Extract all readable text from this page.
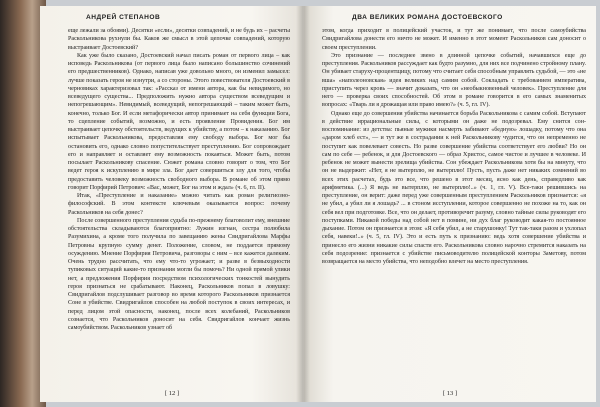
АНДРЕЙ СТЕПАНОВ

еще лежали за обоями). Десятки «если», десятки совпадений, и не будь их – расчеты Раскольникова рухнули бы. Каков же смысл в этой цепочке совпадений, которую выстраивает Достоевский?

Как уже было сказано, Достоевский начал писать роман от первого лица – как исповедь Раскольникова (от первого лица было написано большинство сочинений его предшественников). Однако, написав уже довольно много, он изменил замысел: лучше показать героя не изнутри, а со стороны. Этого повествователя Достоевский в черновиках характеризовал так: «Рассказ от имени автора, как бы невидимого, но всеведущего существа... Предположить нужно автора существом всеведущим и непогрешающим». Невидимый, всеведущий, непогрешающий – таким может быть, конечно, только Бог. И если метафорически автор принимает на себя функции Бога, то сцепление событий, возможно, и есть проявление Провидения. Бог им выстраивает цепочку обстоятельств, ведущих к убийству, а потом – к наказанию. Бог испытывает Раскольникова, предоставляя ему свободу выбора. Бог мог бы остановить его, однако словно попустительствует преступлению. Бог сопровождает его и направляет и оставляет ему возможность покаяться. Может быть, потом посылает Раскольникову спасение. Сюжет романа словно говорит о том, что Бог ведет героя к искуплению в мире зла. Бог дает совершиться злу для того, чтобы предоставить человеку возможность свободного выбора. В романе об этом прямо говорит Порфирий Петрович: «Вас, может, Бог на этом и ждал» (ч. 6, гл. II).

Итак, «Преступление и наказание» можно читать как роман религиозно-философский. В этом контексте ключевым оказывается вопрос: почему Раскольников на себя донес?

После совершенного преступления судьба по-прежнему благоволит ему, внешние обстоятельства складываются благоприятно: Лужин изгнан, сестра полюбила Разумихина, а кроме того получила по завещанию жены Свидригайлова Марфы Петровны крупную сумму денег. Положение, словом, не поддается прямому осуждению. Мнение Порфирия Петровича, разговоры с ним – все кажется далеким. Очень трудно рассчитать, что ему что-то угрожает; и разве в безвыходности тупиковых ситуаций какие-то признания могли бы помочь? Ни одной прямой улики нет, а предложения Порфирия посредством психологических тонкостей вынудить героя признаться не срабатывают. Наконец, Раскольников попал в ловушку: Свидригайлов подслушивает разговор во время которого Раскольников признается Соне в убийстве. Свидригайлов способен на любой поступок в своих интересах, и перед лицом этой опасности, наконец, после всех колебаний, Раскольников сознается, что Раскольников доносит на себя. Свидригайлов кончает жизнь самоубийством. Раскольников узнает об

[ 12 ]
ДВА ВЕЛИКИХ РОМАНА ДОСТОЕВСКОГО

этом, когда приходит в полицейский участок, и тут же понимает, что после самоубийства Свидригайлова донести его ничто не может. И именно в этот момент Раскольников сам доносит о своем преступлении.

Это признание — последнее звено в длинной цепочке событий, начавшихся еще до преступления. Раскольников рассуждает как будто разумно, для них все подчинено стройному плану. Он убивает старуху-процентщицу, потому что считает себя способным управлять судьбой, — это «не вша» «наполеоновская» идея великих над самим собой. Сокладать с требованием императива, приступить через кровь — значит доказать, что он «необыкновенный человек». Преступление для него — проверка своих способностей. Об этом в романе говорится в его самых знаменитых вопросах: «Тварь ли я дрожащая или право имею?» (ч. 5, гл. IV).

Однако еще до совершения убийства начинается борьба Раскольникова с самим собой. Вступают в действие иррациональные силы, с которыми он даже не подозревал. Ему снится сон-воспоминание: из детства: пьяные мужики насмерть забивают «бедную» лошадку, потому что она «даром хлеб ест», — и тут же в сострадании к ней Раскольникову чудится, что он непременно не поступит как повелевает совесть. Но разве совершение убийства соответствует его любви? Но он сам по себе — ребенок, и для Достоевского — образ Христос, самое чистое и лучшее в человеке. И ребенок не может вынести зрелища убийства. Сон убеждает Раскольникова хотя бы на минуту, что он не выдержит: «Нет, я не вытерплю, не вытерплю! Пусть, пусть даже нет никаких сомнений во всех этих расчетах, будь это все, что решено в этот месяц, ясно как день, справедливо как арифметика. (...) Я ведь не вытерплю, не вытерплю!..» (ч. 1, гл. V). Все-таки решившись на преступление, он верит: даже перед уже совершенным преступлением Раскольников признается: «я не убил, а убил ли я лошадь? ... в стоном исступлении, которое совершенно не похоже на то, как он себя вел при подготовке. Все, что он делает, противоречит разуму, словно тайные силы руководят его поступками. Никакой победы над собой нет в помине, ни дух благ руководит какая-то постоянное дыхание. Потом он признается в этом: «Я себя убил, а не старушонку! Тут так-таки разом и ухлопал себя, навеки!..» (ч. 5, гл. IV). Это и есть путь к признанию: ведь хотя совершение убийства и принесло его жизни никакие силы спасти его. Раскольникова словно нарочно стремится наказать на себя подозрение: признается с убийстве письмоводителю полицейской конторы Заметову, потом возвращается на место убийства, что неподобно влечет на место преступления.

[ 13 ]
